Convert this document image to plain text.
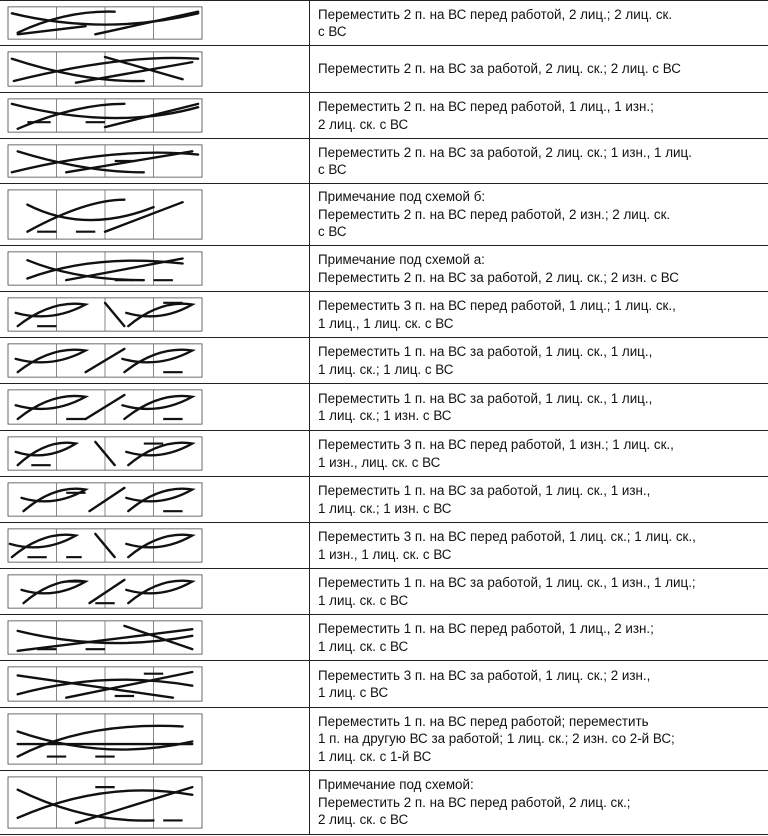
Переместить 2 п. на ВС перед работой, 2 лиц.; 2 лиц. ск.
с ВС

Переместить 2 п. на ВС за работой, 2 лиц. ск.; 2 лиц. с ВС

Переместить 2 п. на ВС перед работой, 1 лиц., 1 изн.;
2 лиц. ск. с ВС

Переместить 2 п. на ВС за работой, 2 лиц. ск.; 1 изн., 1 лиц.
с ВС

Примечание под схемой б:
Переместить 2 п. на ВС перед работой, 2 изн.; 2 лиц. ск.
с ВС

Примечание под схемой а:
Переместить 2 п. на ВС за работой, 2 лиц. ск.; 2 изн. с ВС

Переместить 3 п. на ВС перед работой, 1 лиц.; 1 лиц. ск.,
1 лиц., 1 лиц. ск. с ВС

Переместить 1 п. на ВС за работой, 1 лиц. ск., 1 лиц.,
1 лиц. ск.; 1 лиц. с ВС

Переместить 1 п. на ВС за работой, 1 лиц. ск., 1 лиц.,
1 лиц. ск.; 1 изн. с ВС

Переместить 3 п. на ВС перед работой, 1 изн.; 1 лиц. ск.,
1 изн., лиц. ск. с ВС

Переместить 1 п. на ВС за работой, 1 лиц. ск., 1 изн.,
1 лиц. ск.; 1 изн. с ВС

Переместить 3 п. на ВС перед работой, 1 лиц. ск.; 1 лиц. ск.,
1 изн., 1 лиц. ск. с ВС

Переместить 1 п. на ВС за работой, 1 лиц. ск., 1 изн., 1 лиц.;
1 лиц. ск. с ВС

Переместить 1 п. на ВС перед работой, 1 лиц., 2 изн.;
1 лиц. ск. с ВС

Переместить 3 п. на ВС за работой, 1 лиц. ск.; 2 изн.,
1 лиц. с ВС

Переместить 1 п. на ВС перед работой; переместить
1 п. на другую ВС за работой; 1 лиц. ск.; 2 изн. со 2-й ВС;
1 лиц. ск. с 1-й ВС

Примечание под схемой:
Переместить 2 п. на ВС перед работой, 2 лиц. ск.;
2 лиц. ск. с ВС
